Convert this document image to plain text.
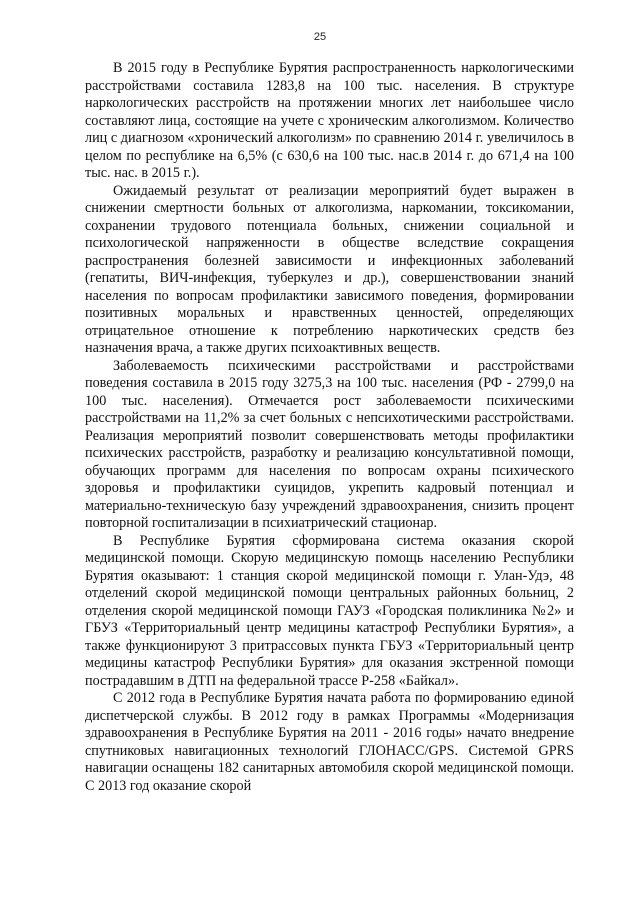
25

В 2015 году в Республике Бурятия распространенность наркологическими расстройствами составила 1283,8 на 100 тыс. населения. В структуре наркологических расстройств на протяжении многих лет наибольшее число составляют лица, состоящие на учете с хроническим алкоголизмом. Количество лиц с диагнозом «хронический алкоголизм» по сравнению 2014 г. увеличилось в целом по республике на 6,5% (с 630,6 на 100 тыс. нас.в 2014 г. до 671,4 на 100 тыс. нас. в 2015 г.).

Ожидаемый результат от реализации мероприятий будет выражен в снижении смертности больных от алкоголизма, наркомании, токсикомании, сохранении трудового потенциала больных, снижении социальной и психологической напряженности в обществе вследствие сокращения распространения болезней зависимости и инфекционных заболеваний (гепатиты, ВИЧ-инфекция, туберкулез и др.), совершенствовании знаний населения по вопросам профилактики зависимого поведения, формировании позитивных моральных и нравственных ценностей, определяющих отрицательное отношение к потреблению наркотических средств без назначения врача, а также других психоактивных веществ.

Заболеваемость психическими расстройствами и расстройствами поведения составила в 2015 году 3275,3 на 100 тыс. населения (РФ - 2799,0 на 100 тыс. населения). Отмечается рост заболеваемости психическими расстройствами на 11,2% за счет больных с непсихотическими расстройствами. Реализация мероприятий позволит совершенствовать методы профилактики психических расстройств, разработку и реализацию консультативной помощи, обучающих программ для населения по вопросам охраны психического здоровья и профилактики суицидов, укрепить кадровый потенциал и материально-техническую базу учреждений здравоохранения, снизить процент повторной госпитализации в психиатрический стационар.

В Республике Бурятия сформирована система оказания скорой медицинской помощи. Скорую медицинскую помощь населению Республики Бурятия оказывают: 1 станция скорой медицинской помощи г. Улан-Удэ, 48 отделений скорой медицинской помощи центральных районных больниц, 2 отделения скорой медицинской помощи ГАУЗ «Городская поликлиника №2» и ГБУЗ «Территориальный центр медицины катастроф Республики Бурятия», а также функционируют 3 притрассовых пункта ГБУЗ «Территориальный центр медицины катастроф Республики Бурятия» для оказания экстренной помощи пострадавшим в ДТП на федеральной трассе Р-258 «Байкал».

С 2012 года в Республике Бурятия начата работа по формированию единой диспетчерской службы. В 2012 году в рамках Программы «Модернизация здравоохранения в Республике Бурятия на 2011 - 2016 годы» начато внедрение спутниковых навигационных технологий ГЛОНАСС/GPS. Системой GPRS навигации оснащены 182 санитарных автомобиля скорой медицинской помощи. С 2013 год оказание скорой
